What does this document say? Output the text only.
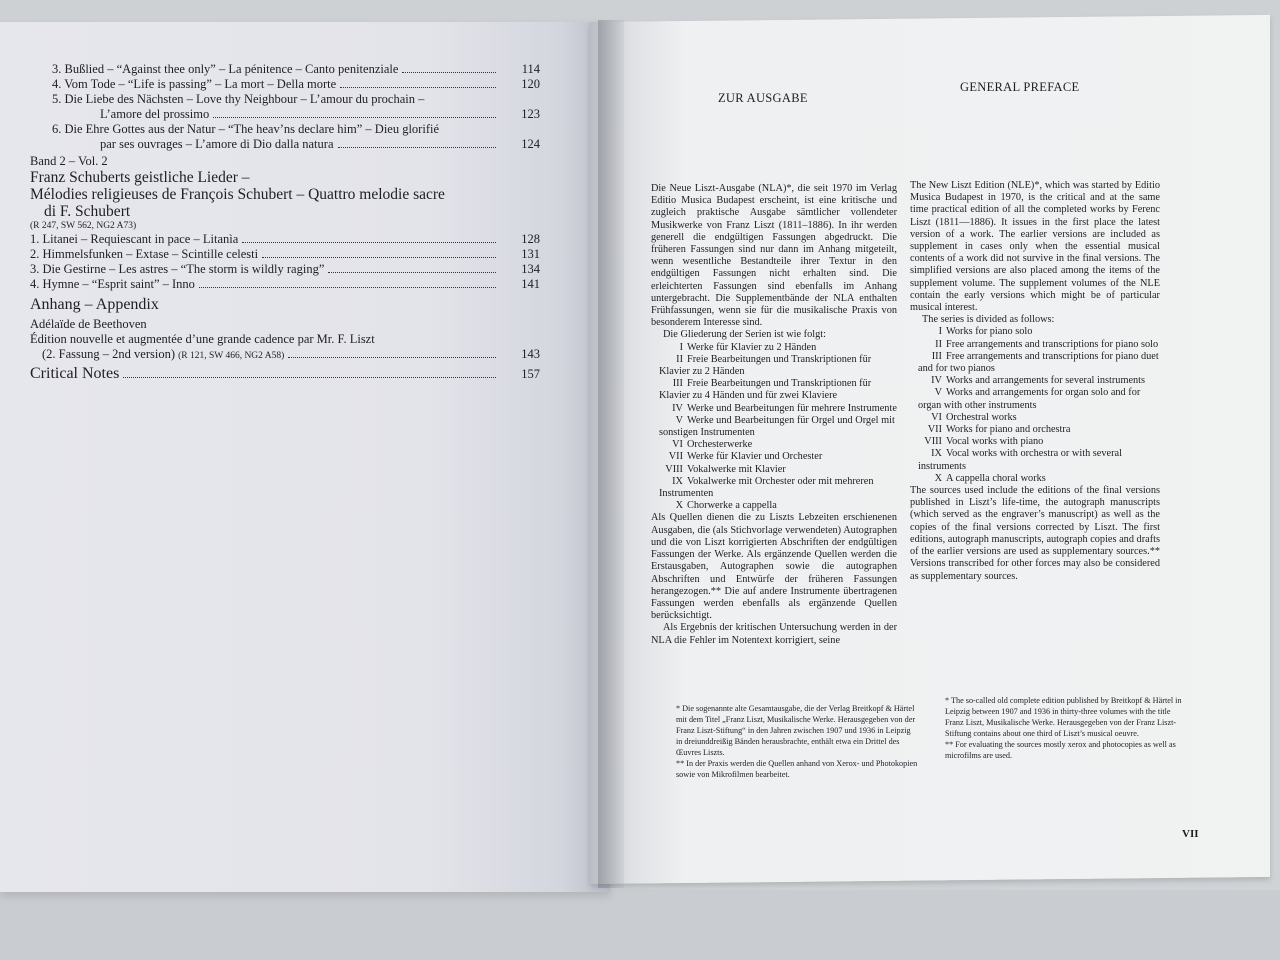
3. Bußlied – “Against thee only” – La pénitence – Canto penitenziale	114
4. Vom Tode – “Life is passing” – La mort – Della morte	120
5. Die Liebe des Nächsten – Love thy Neighbour – L’amour du prochain –
L’amore del prossimo	123
6. Die Ehre Gottes aus der Natur – “The heav’ns declare him” – Dieu glorifié
par ses ouvrages – L’amore di Dio dalla natura	124
Band 2 – Vol. 2
Franz Schuberts geistliche Lieder –
Mélodies religieuses de François Schubert – Quattro melodie sacre
di F. Schubert
(R 247, SW 562, NG2 A73)
1. Litanei – Requiescant in pace – Litanìa	128
2. Himmelsfunken – Extase – Scintille celesti	131
3. Die Gestirne – Les astres – “The storm is wildly raging”	134
4. Hymne – “Esprit saint” – Inno	141
Anhang – Appendix
Adélaïde de Beethoven
Édition nouvelle et augmentée d’une grande cadence par Mr. F. Liszt
(2. Fassung – 2nd version) (R 121, SW 466, NG2 A58)	143
Critical Notes	157
ZUR AUSGABE
GENERAL PREFACE

Die Neue Liszt-Ausgabe (NLA)*, die seit 1970 im Verlag Editio Musica Budapest erscheint, ist eine kritische und zugleich praktische Ausgabe sämtlicher vollendeter Musikwerke von Franz Liszt (1811–1886). In ihr werden generell die endgültigen Fassungen abgedruckt. Die früheren Fassungen sind nur dann im Anhang mitgeteilt, wenn wesentliche Bestandteile ihrer Textur in den endgültigen Fassungen nicht erhalten sind. Die erleichterten Fassungen sind ebenfalls im Anhang untergebracht. Die Supplementbände der NLA enthalten Frühfassungen, wenn sie für die musikalische Praxis von besonderem Interesse sind.

Die Gliederung der Serien ist wie folgt:

I Werke für Klavier zu 2 Händen
II Freie Bearbeitungen und Transkriptionen für Klavier zu 2 Händen
III Freie Bearbeitungen und Transkriptionen für Klavier zu 4 Händen und für zwei Klaviere
IV Werke und Bearbeitungen für mehrere Instrumente
V Werke und Bearbeitungen für Orgel und Orgel mit sonstigen Instrumenten
VI Orchesterwerke
VII Werke für Klavier und Orchester
VIII Vokalwerke mit Klavier
IX Vokalwerke mit Orchester oder mit mehreren Instrumenten
X Chorwerke a cappella

Als Quellen dienen die zu Liszts Lebzeiten erschienenen Ausgaben, die (als Stichvorlage verwendeten) Autographen und die von Liszt korrigierten Abschriften der endgültigen Fassungen der Werke. Als ergänzende Quellen werden die Erstausgaben, Autographen sowie die autographen Abschriften und Entwürfe der früheren Fassungen herangezogen.** Die auf andere Instrumente übertragenen Fassungen werden ebenfalls als ergänzende Quellen berücksichtigt.

Als Ergebnis der kritischen Untersuchung werden in der NLA die Fehler im Notentext korrigiert, seine

The New Liszt Edition (NLE)*, which was started by Editio Musica Budapest in 1970, is the critical and at the same time practical edition of all the completed works by Ferenc Liszt (1811—1886). It issues in the first place the latest version of a work. The earlier versions are included as supplement in cases only when the essential musical contents of a work did not survive in the final versions. The simplified versions are also placed among the items of the supplement volume. The supplement volumes of the NLE contain the early versions which might be of particular musical interest.

The series is divided as follows:

I Works for piano solo
II Free arrangements and transcriptions for piano solo
III Free arrangements and transcriptions for piano duet and for two pianos
IV Works and arrangements for several instruments
V Works and arrangements for organ solo and for organ with other instruments
VI Orchestral works
VII Works for piano and orchestra
VIII Vocal works with piano
IX Vocal works with orchestra or with several instruments
X A cappella choral works

The sources used include the editions of the final versions published in Liszt’s life-time, the autograph manuscripts (which served as the engraver’s manuscript) as well as the copies of the final versions corrected by Liszt. The first editions, autograph manuscripts, autograph copies and drafts of the earlier versions are used as supplementary sources.** Versions transcribed for other forces may also be considered as supplementary sources.

* Die sogenannte alte Gesamtausgabe, die der Verlag Breitkopf & Härtel mit dem Titel „Franz Liszt, Musikalische Werke. Herausgegeben von der Franz Liszt-Stiftung“ in den Jahren zwischen 1907 und 1936 in Leipzig in dreiunddreißig Bänden herausbrachte, enthält etwa ein Drittel des Œuvres Liszts.
** In der Praxis werden die Quellen anhand von Xerox- und Photokopien sowie von Mikrofilmen bearbeitet.
* The so-called old complete edition published by Breitkopf & Härtel in Leipzig between 1907 and 1936 in thirty-three volumes with the title Franz Liszt, Musikalische Werke. Herausgegeben von der Franz Liszt-Stiftung contains about one third of Liszt’s musical oeuvre.
** For evaluating the sources mostly xerox and photocopies as well as microfilms are used.
VII
